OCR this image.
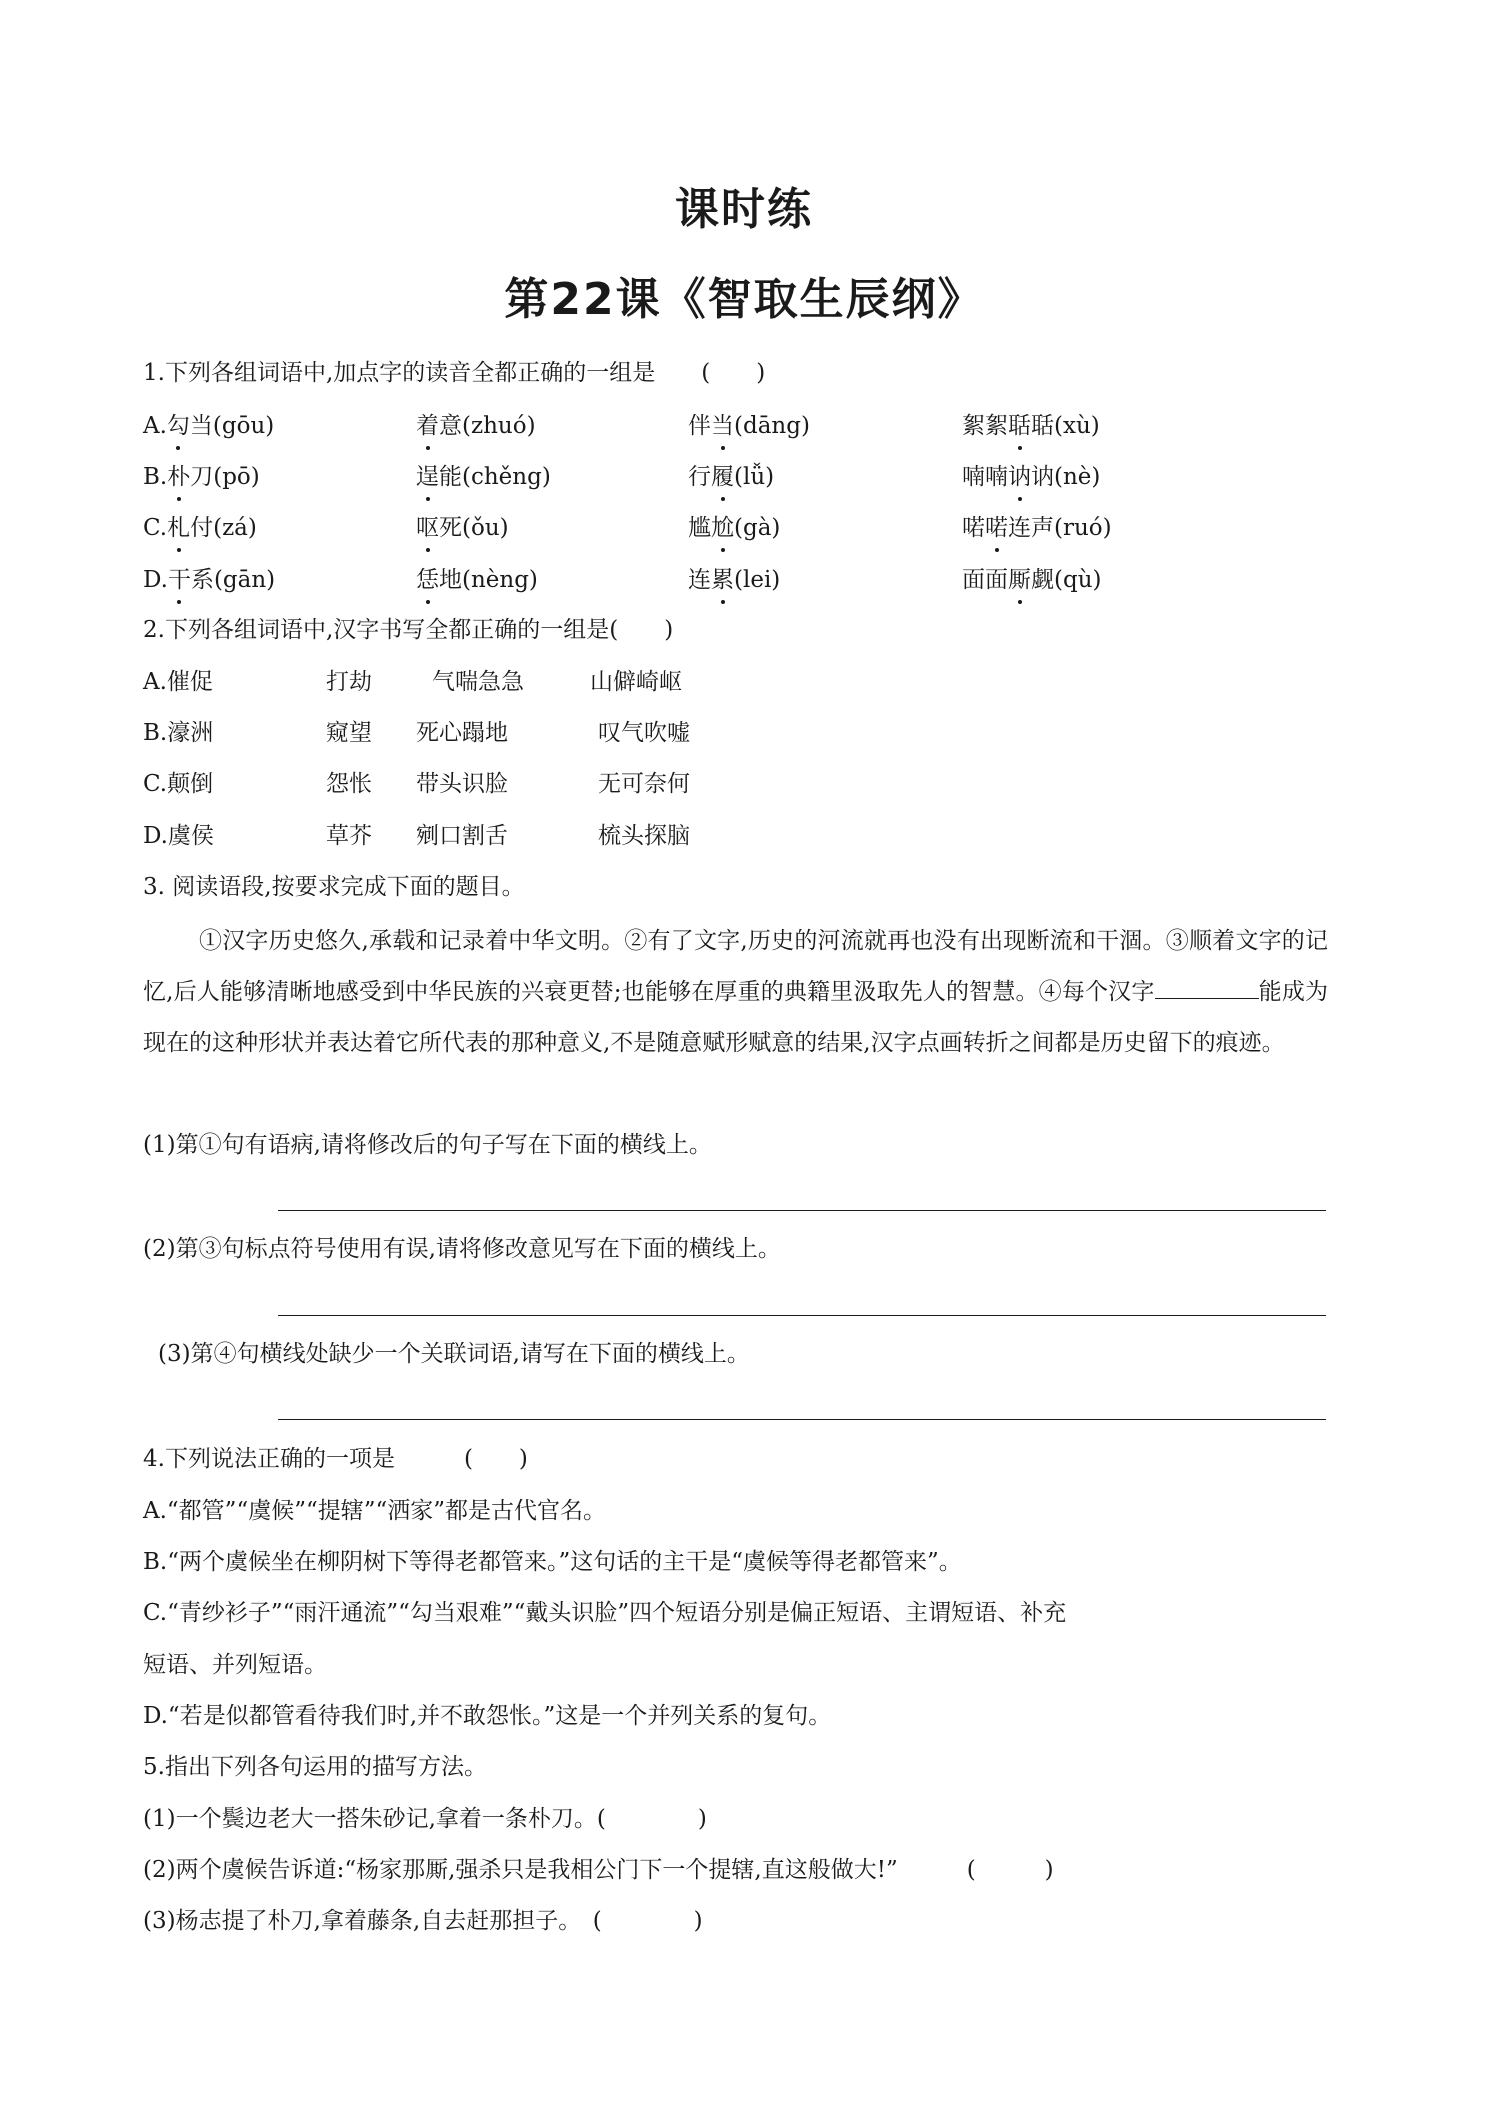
课时练
第22课《智取生辰纲》
1.下列各组词语中,加点字的读音全都正确的一组是　　(　　)
A.勾当(gōu)	着意(zhuó)	伴当(dāng)	絮絮聒聒(xù)
B.朴刀(pō)	逞能(chěng)	行履(lǚ)	喃喃讷讷(nè)
C.札付(zá)	呕死(ǒu)	尴尬(gà)	喏喏连声(ruó)
D.干系(gān)	恁地(nèng)	连累(lei)	面面厮觑(qù)
2.下列各组词语中,汉字书写全都正确的一组是(　　)
A.催促	打劫	气喘急急	山僻崎岖
B.濠洲	窥望 死心蹋地	叹气吹嘘
C.颠倒	怨怅 带头识脸	无可奈何
D.虞侯	草芥 剜口割舌	梳头探脑
3. 阅读语段,按要求完成下面的题目。
①汉字历史悠久,承载和记录着中华文明。②有了文字,历史的河流就再也没有出现断流和干涸。③顺着文字的记忆,后人能够清晰地感受到中华民族的兴衰更替;也能够在厚重的典籍里汲取先人的智慧。④每个汉字	能成为现在的这种形状并表达着它所代表的那种意义,不是随意赋形赋意的结果,汉字点画转折之间都是历史留下的痕迹。
(1)第①句有语病,请将修改后的句子写在下面的横线上。
(2)第③句标点符号使用有误,请将修改意见写在下面的横线上。
(3)第④句横线处缺少一个关联词语,请写在下面的横线上。
4.下列说法正确的一项是　　　(　　)
A.“都管”“虞候”“提辖”“洒家”都是古代官名。
B.“两个虞候坐在柳阴树下等得老都管来。”这句话的主干是“虞候等得老都管来”。
C.“青纱衫子”“雨汗通流”“勾当艰难”“戴头识脸”四个短语分别是偏正短语、主谓短语、补充
短语、并列短语。
D.“若是似都管看待我们时,并不敢怨怅。”这是一个并列关系的复句。
5.指出下列各句运用的描写方法。
(1)一个鬓边老大一搭朱砂记,拿着一条朴刀。(　　　　)
(2)两个虞候告诉道:“杨家那厮,强杀只是我相公门下一个提辖,直这般做大!”　　　(　　　)
(3)杨志提了朴刀,拿着藤条,自去赶那担子。　(　　　　)
